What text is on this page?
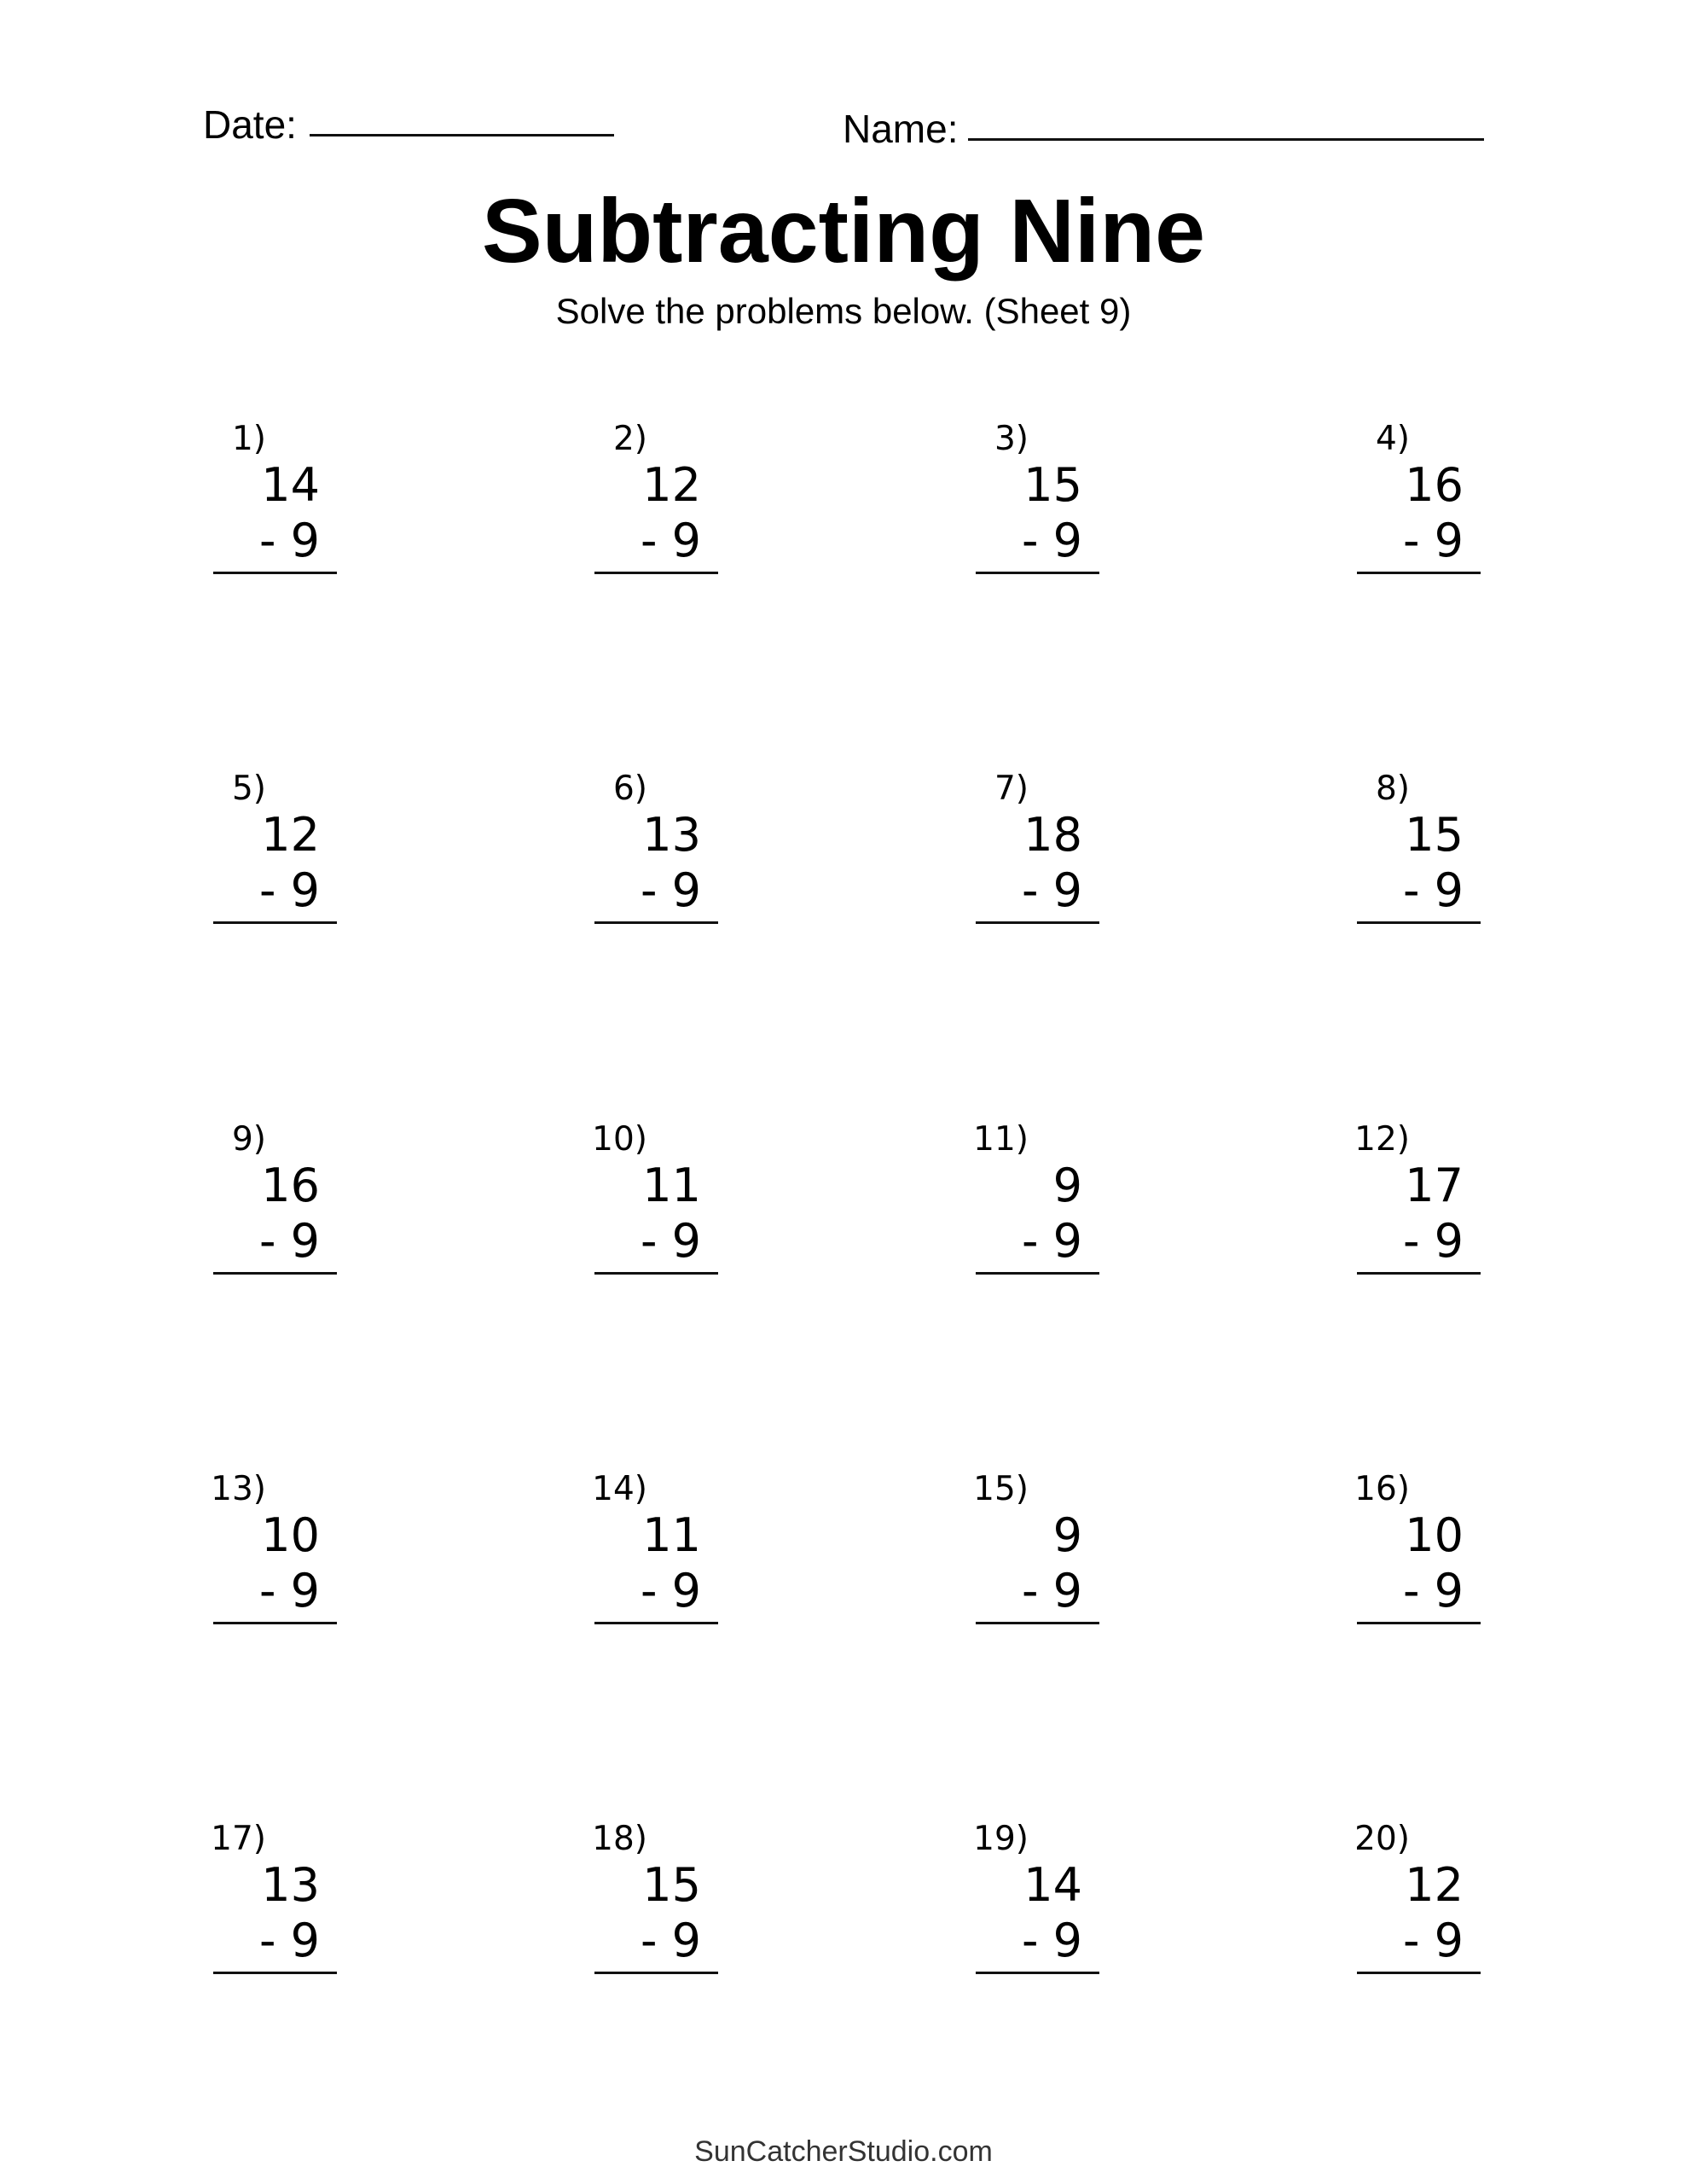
Date:	Name:
Subtracting Nine
Solve the problems below. (Sheet 9)
1)
14
- 9
2)
12
- 9
3)
15
- 9
4)
16
- 9
5)
12
- 9
6)
13
- 9
7)
18
- 9
8)
15
- 9
9)
16
- 9
10)
11
- 9
11)
9
- 9
12)
17
- 9
13)
10
- 9
14)
11
- 9
15)
9
- 9
16)
10
- 9
17)
13
- 9
18)
15
- 9
19)
14
- 9
20)
12
- 9
SunCatcherStudio.com
